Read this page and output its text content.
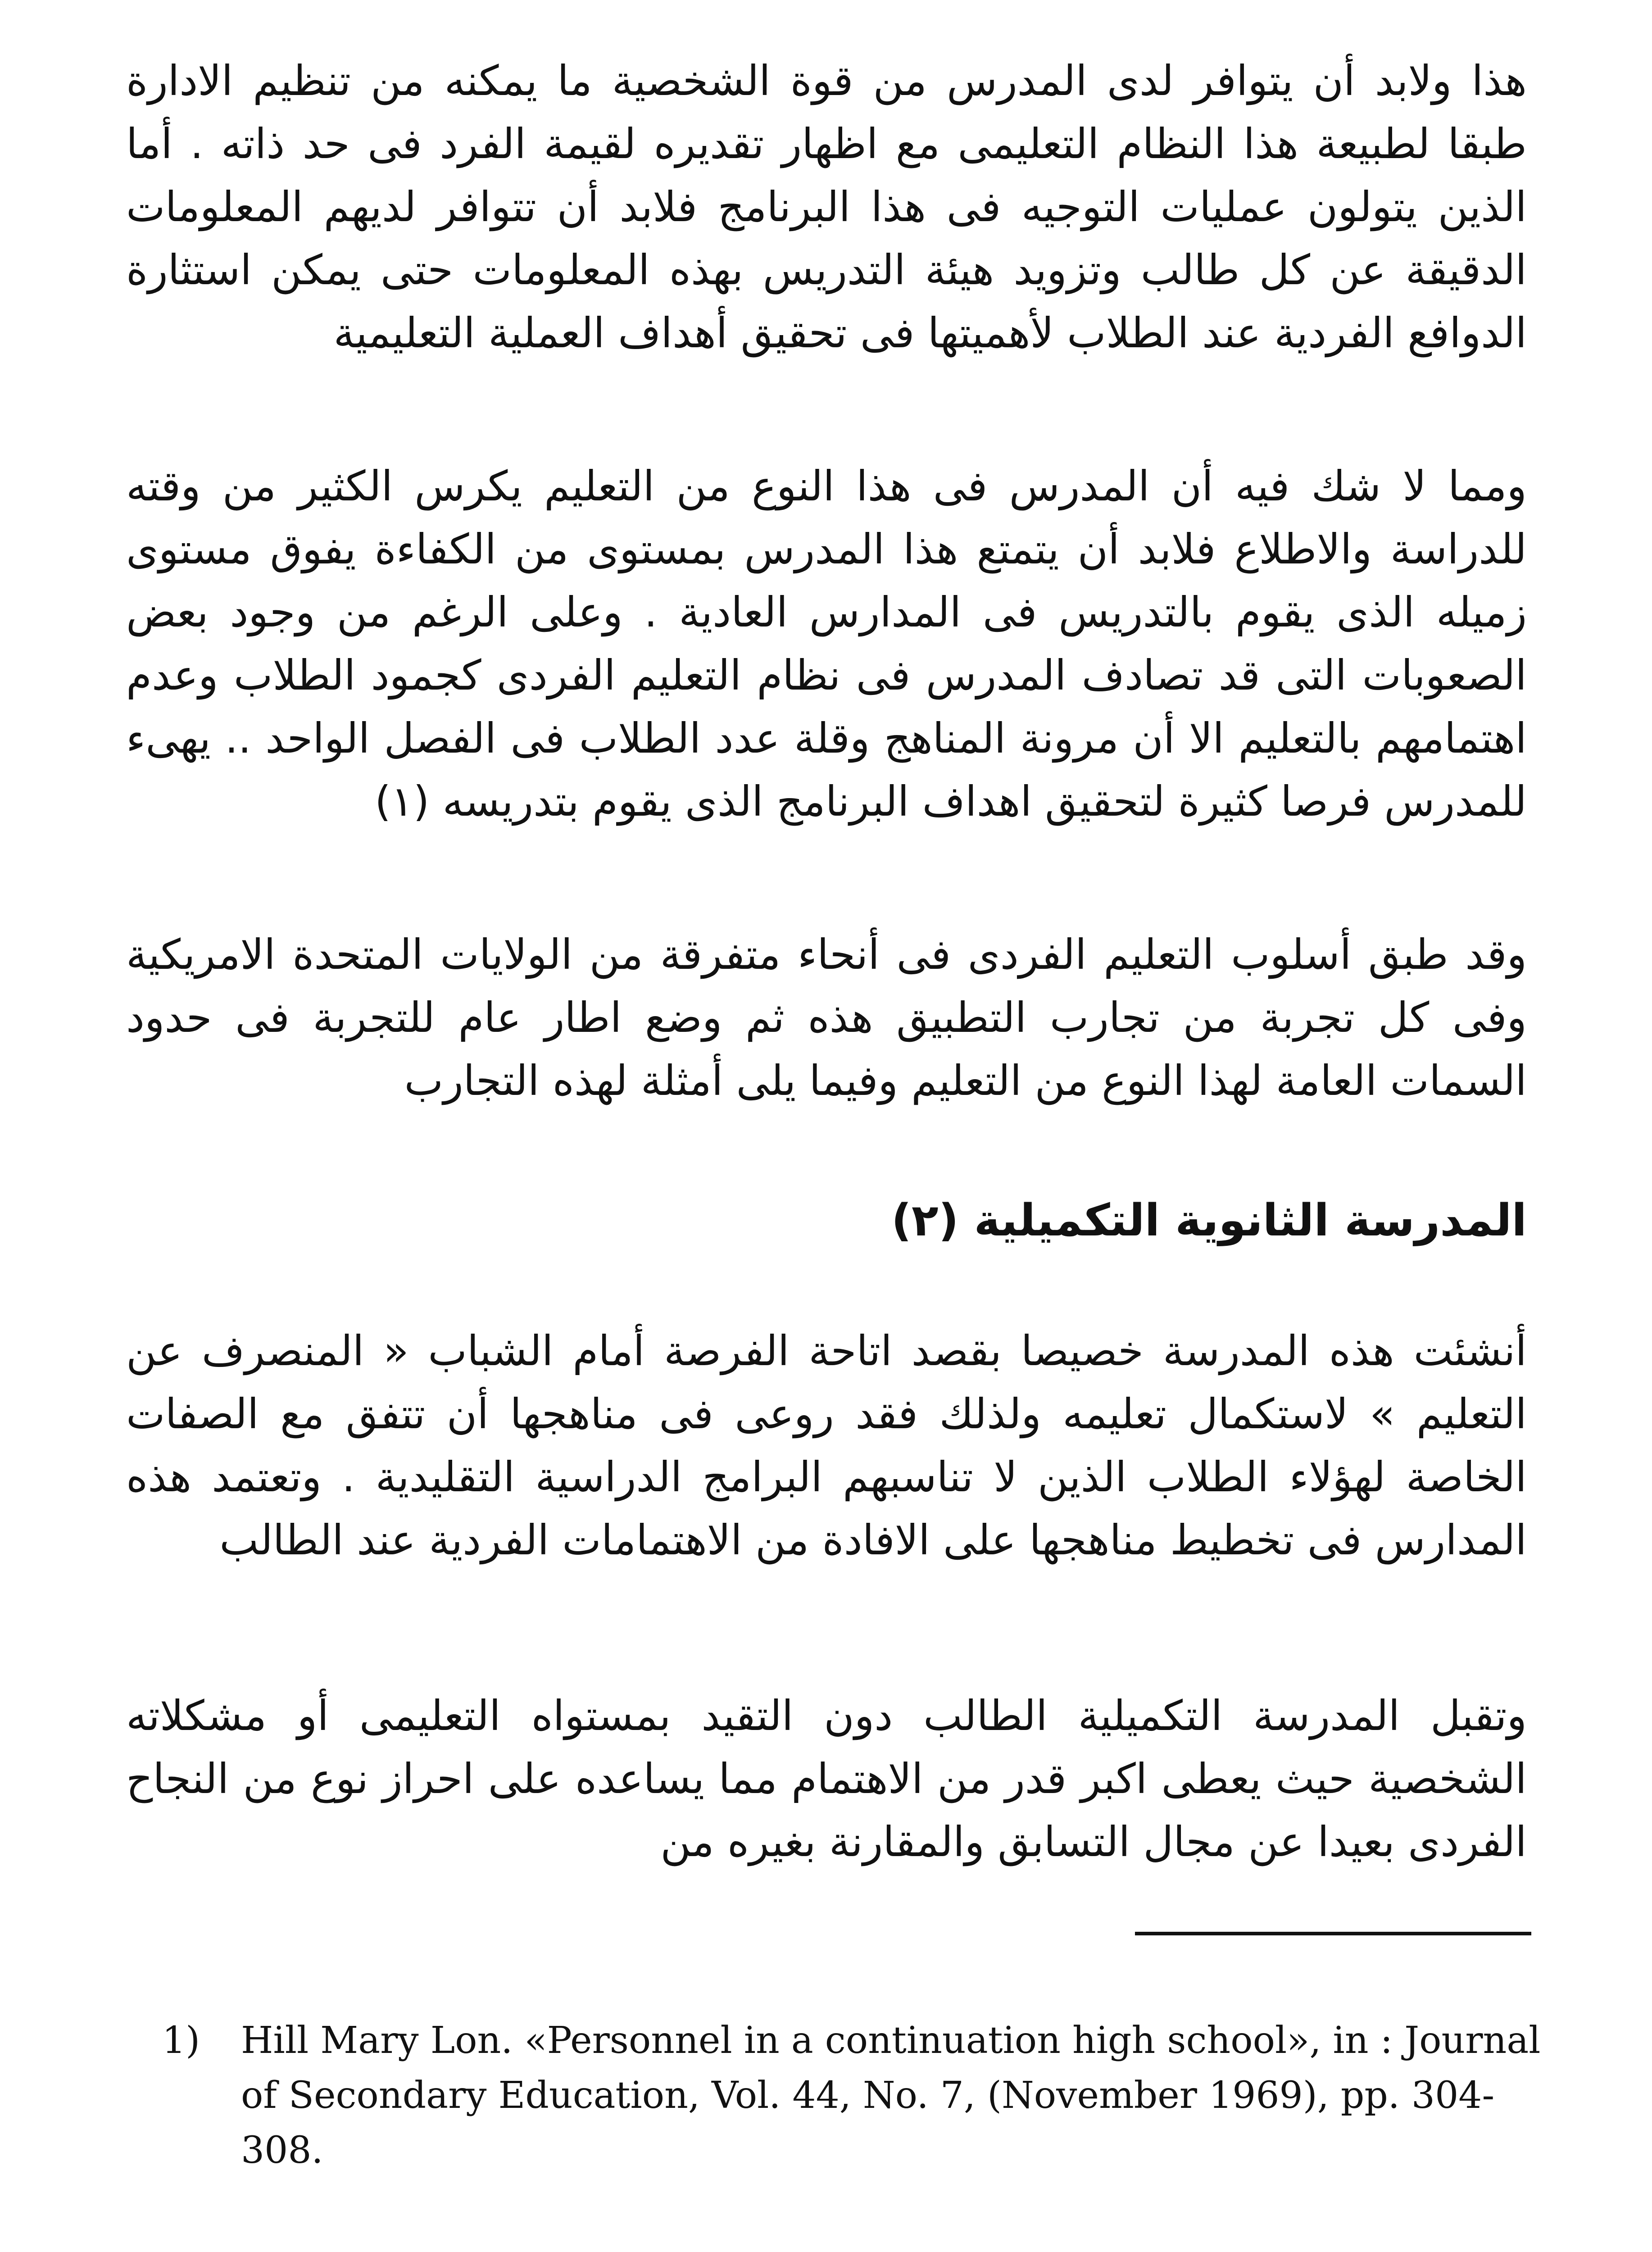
هذا ولابد أن يتوافر لدى المدرس من قوة الشخصية ما يمكنه من تنظيم الادارة طبقا لطبيعة هذا النظام التعليمى مع اظهار تقديره لقيمة الفرد فى حد ذاته . أما الذين يتولون عمليات التوجيه فى هذا البرنامج فلابد أن تتوافر لديهم المعلومات الدقيقة عن كل طالب وتزويد هيئة التدريس بهذه المعلومات حتى يمكن استثارة الدوافع الفردية عند الطلاب لأهميتها فى تحقيق أهداف العملية التعليمية

ومما لا شك فيه أن المدرس فى هذا النوع من التعليم يكرس الكثير من وقته للدراسة والاطلاع فلابد أن يتمتع هذا المدرس بمستوى من الكفاءة يفوق مستوى زميله الذى يقوم بالتدريس فى المدارس العادية . وعلى الرغم من وجود بعض الصعوبات التى قد تصادف المدرس فى نظام التعليم الفردى كجمود الطلاب وعدم اهتمامهم بالتعليم الا أن مرونة المناهج وقلة عدد الطلاب فى الفصل الواحد .. يهىء للمدرس فرصا كثيرة لتحقيق اهداف البرنامج الذى يقوم بتدريسه (١)

وقد طبق أسلوب التعليم الفردى فى أنحاء متفرقة من الولايات المتحدة الامريكية وفى كل تجربة من تجارب التطبيق هذه ثم وضع اطار عام للتجربة فى حدود السمات العامة لهذا النوع من التعليم وفيما يلى أمثلة لهذه التجارب

المدرسة الثانوية التكميلية (٢)

أنشئت هذه المدرسة خصيصا بقصد اتاحة الفرصة أمام الشباب « المنصرف عن التعليم » لاستكمال تعليمه ولذلك فقد روعى فى مناهجها أن تتفق مع الصفات الخاصة لهؤلاء الطلاب الذين لا تناسبهم البرامج الدراسية التقليدية . وتعتمد هذه المدارس فى تخطيط مناهجها على الافادة من الاهتمامات الفردية عند الطالب

وتقبل المدرسة التكميلية الطالب دون التقيد بمستواه التعليمى أو مشكلاته الشخصية حيث يعطى اكبر قدر من الاهتمام مما يساعده على احراز نوع من النجاح الفردى بعيدا عن مجال التسابق والمقارنة بغيره من

1)	Hill Mary Lon. «Personnel in a continuation high school», in : Journal of Secondary Education, Vol. 44, No. 7, (November 1969), pp. 304-308.
